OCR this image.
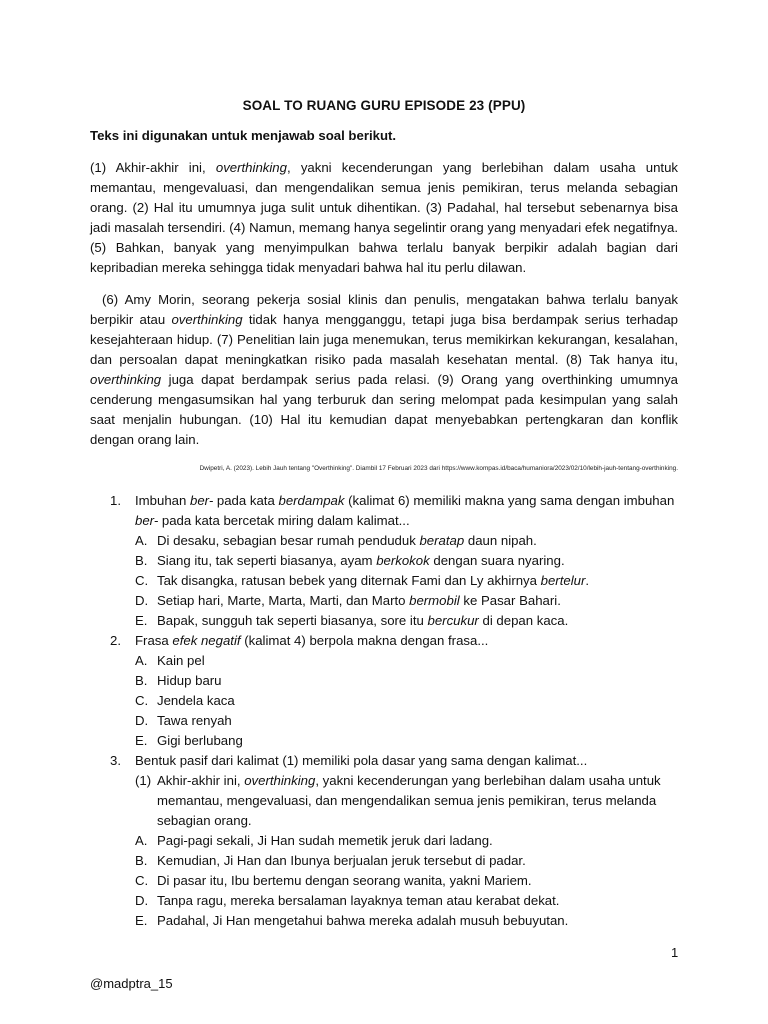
SOAL TO RUANG GURU EPISODE 23 (PPU)
Teks ini digunakan untuk menjawab soal berikut.

(1) Akhir-akhir ini, overthinking, yakni kecenderungan yang berlebihan dalam usaha untuk memantau, mengevaluasi, dan mengendalikan semua jenis pemikiran, terus melanda sebagian orang. (2) Hal itu umumnya juga sulit untuk dihentikan. (3) Padahal, hal tersebut sebenarnya bisa jadi masalah tersendiri. (4) Namun, memang hanya segelintir orang yang menyadari efek negatifnya. (5) Bahkan, banyak yang menyimpulkan bahwa terlalu banyak berpikir adalah bagian dari kepribadian mereka sehingga tidak menyadari bahwa hal itu perlu dilawan.

(6) Amy Morin, seorang pekerja sosial klinis dan penulis, mengatakan bahwa terlalu banyak berpikir atau overthinking tidak hanya mengganggu, tetapi juga bisa berdampak serius terhadap kesejahteraan hidup. (7) Penelitian lain juga menemukan, terus memikirkan kekurangan, kesalahan, dan persoalan dapat meningkatkan risiko pada masalah kesehatan mental. (8) Tak hanya itu, overthinking juga dapat berdampak serius pada relasi. (9) Orang yang overthinking umumnya cenderung mengasumsikan hal yang terburuk dan sering melompat pada kesimpulan yang salah saat menjalin hubungan. (10) Hal itu kemudian dapat menyebabkan pertengkaran dan konflik dengan orang lain.

Dwipetri, A. (2023). Lebih Jauh tentang "Overthinking". Diambil 17 Februari 2023 dari https://www.kompas.id/baca/humaniora/2023/02/10/lebih-jauh-tentang-overthinking.
1. Imbuhan ber- pada kata berdampak (kalimat 6) memiliki makna yang sama dengan imbuhan ber- pada kata bercetak miring dalam kalimat...
A. Di desaku, sebagian besar rumah penduduk beratap daun nipah.
B. Siang itu, tak seperti biasanya, ayam berkokok dengan suara nyaring.
C. Tak disangka, ratusan bebek yang diternak Fami dan Ly akhirnya bertelur.
D. Setiap hari, Marte, Marta, Marti, dan Marto bermobil ke Pasar Bahari.
E. Bapak, sungguh tak seperti biasanya, sore itu bercukur di depan kaca.
2. Frasa efek negatif (kalimat 4) berpola makna dengan frasa...
A. Kain pel
B. Hidup baru
C. Jendela kaca
D. Tawa renyah
E. Gigi berlubang
3. Bentuk pasif dari kalimat (1) memiliki pola dasar yang sama dengan kalimat...
(1) Akhir-akhir ini, overthinking, yakni kecenderungan yang berlebihan dalam usaha untuk memantau, mengevaluasi, dan mengendalikan semua jenis pemikiran, terus melanda sebagian orang.
A. Pagi-pagi sekali, Ji Han sudah memetik jeruk dari ladang.
B. Kemudian, Ji Han dan Ibunya berjualan jeruk tersebut di padar.
C. Di pasar itu, Ibu bertemu dengan seorang wanita, yakni Mariem.
D. Tanpa ragu, mereka bersalaman layaknya teman atau kerabat dekat.
E. Padahal, Ji Han mengetahui bahwa mereka adalah musuh bebuyutan.
1
@madptra_15
